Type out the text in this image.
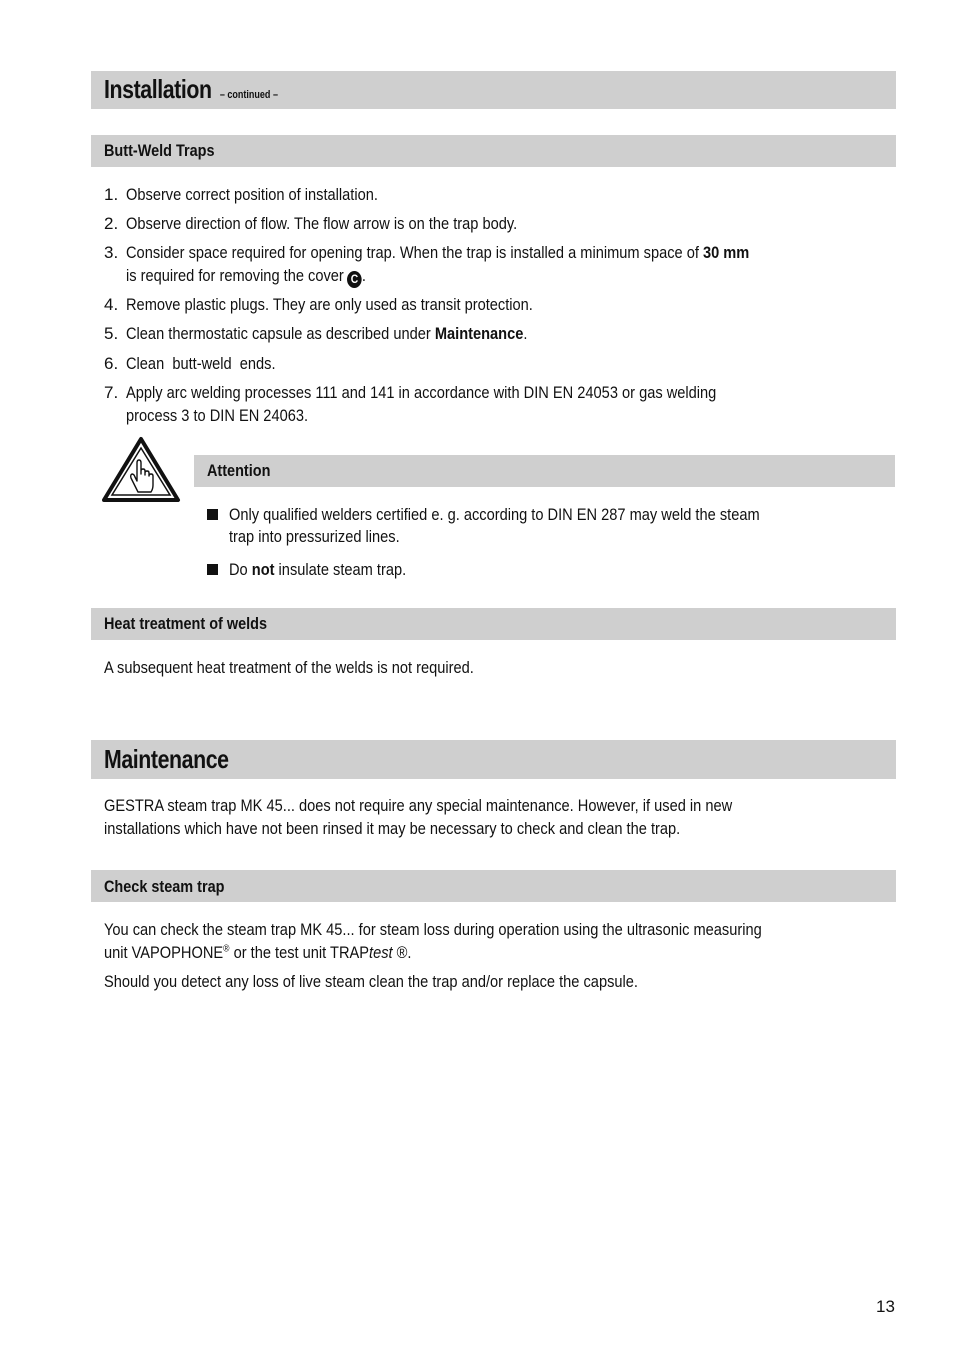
Installation – continued –
Butt-Weld Traps
1. Observe correct position of installation.
2. Observe direction of flow. The flow arrow is on the trap body.
3. Consider space required for opening trap. When the trap is installed a minimum space of 30 mm
is required for removing the cover C .
4. Remove plastic plugs. They are only used as transit protection.
5. Clean thermostatic capsule as described under Maintenance.
6. Clean  butt-weld  ends.
7. Apply arc welding processes 111 and 141 in accordance with DIN EN 24053 or gas welding
process 3 to DIN EN 24063.
Attention
Only qualified welders certified e. g. according to DIN EN 287 may weld the steam
trap into pressurized lines.
Do not insulate steam trap.
Heat treatment of welds
A subsequent heat treatment of the welds is not required.
Maintenance
GESTRA steam trap MK 45... does not require any special maintenance. However, if used in new
installations which have not been rinsed it may be necessary to check and clean the trap.
Check steam trap
You can check the steam trap MK 45... for steam loss during operation using the ultrasonic measuring
unit VAPOPHONE® or the test unit TRAPtest ®.
Should you detect any loss of live steam clean the trap and/or replace the capsule.
13
